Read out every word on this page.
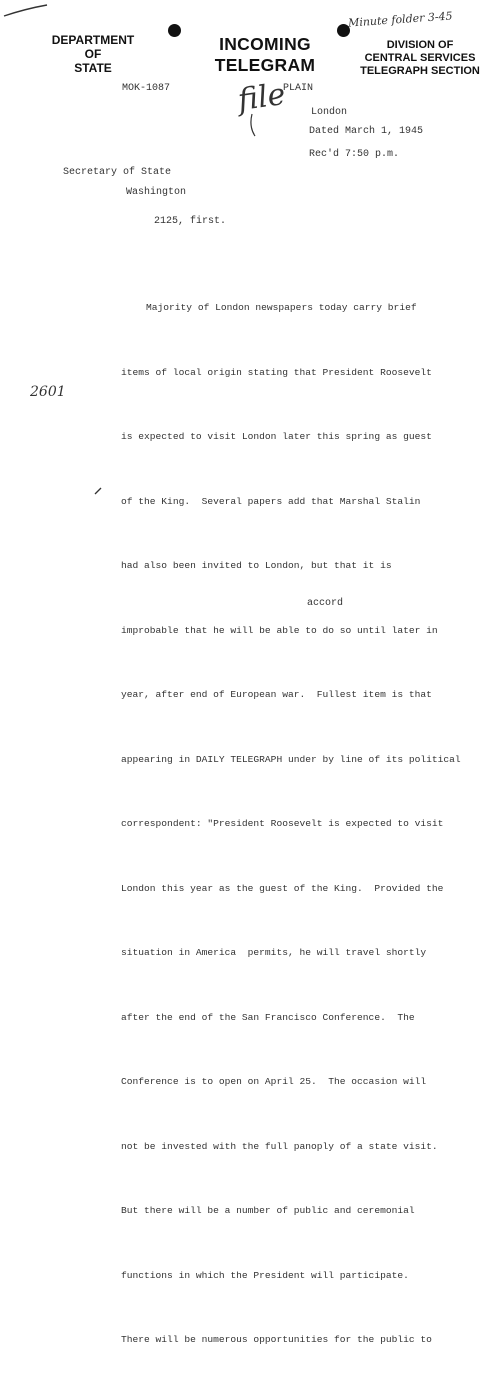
DEPARTMENT
OF
STATE
INCOMING
TELEGRAM
Minute folder 3-45
DIVISION OF
CENTRAL SERVICES
TELEGRAPH SECTION
MOK-1087 file
PLAIN
London
Dated March 1, 1945
Rec'd 7:50 p.m.
Secretary of State
Washington
2125, first.
2601

Majority of London newspapers today carry brief

items of local origin stating that President Roosevelt

is expected to visit London later this spring as guest

of the King.  Several papers add that Marshal Stalin

had also been invited to London, but that it is

improbable that he will be able to do so until later in

year, after end of European war.  Fullest item is that

appearing in DAILY TELEGRAPH under by line of its political

correspondent: "President Roosevelt is expected to visit

London this year as the guest of the King.  Provided the

situation in America  permits, he will travel shortly

after the end of the San Francisco Conference.  The

Conference is to open on April 25.  The occasion will

not be invested with the full panoply of a state visit.

But there will be a number of public and ceremonial

functions in which the President will participate.

There will be numerous opportunities for the public to

accord
